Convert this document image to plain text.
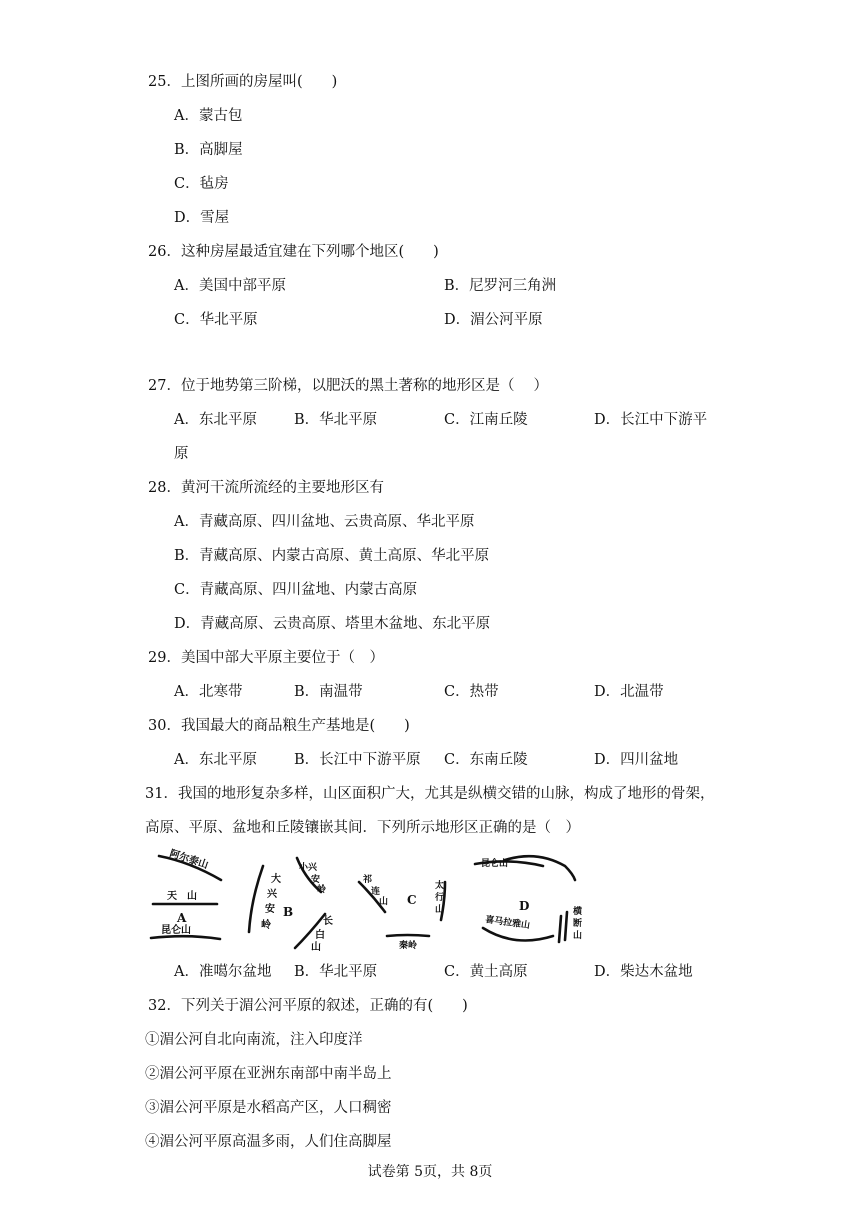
25．上图所画的房屋叫(　　)
A．蒙古包
B．高脚屋
C．毡房
D．雪屋
26．这种房屋最适宜建在下列哪个地区(　　)
A．美国中部平原	B．尼罗河三角洲
C．华北平原	D．湄公河平原
27．位于地势第三阶梯，以肥沃的黑土著称的地形区是（　 ）
A．东北平原	B．华北平原	C．江南丘陵	D．长江中下游平
原
28．黄河干流所流经的主要地形区有
A．青藏高原、四川盆地、云贵高原、华北平原
B．青藏高原、内蒙古高原、黄土高原、华北平原
C．青藏高原、四川盆地、内蒙古高原
D．青藏高原、云贵高原、塔里木盆地、东北平原
29．美国中部大平原主要位于（　）
A．北寒带	B．南温带	C．热带	D．北温带
30．我国最大的商品粮生产基地是(　　)
A．东北平原	B．长江中下游平原 C．东南丘陵	D．四川盆地
31．我国的地形复杂多样，山区面积广大，尤其是纵横交错的山脉，构成了地形的骨架，
高原、平原、盆地和丘陵镶嵌其间．下列所示地形区正确的是（　）
阿尔泰山
天　山
A
昆仑山
大
兴
安
岭
B
小兴
安
岭
长
白
山
祁
连
山 C
太
行
山
秦岭
昆仑山
D
喜马拉雅山
横
断
山
A．准噶尔盆地 B．华北平原	C．黄土高原	D．柴达木盆地
32．下列关于湄公河平原的叙述，正确的有(　　)
①湄公河自北向南流，注入印度洋
②湄公河平原在亚洲东南部中南半岛上
③湄公河平原是水稻高产区，人口稠密
④湄公河平原高温多雨，人们住高脚屋
试卷第 5页，共 8页
